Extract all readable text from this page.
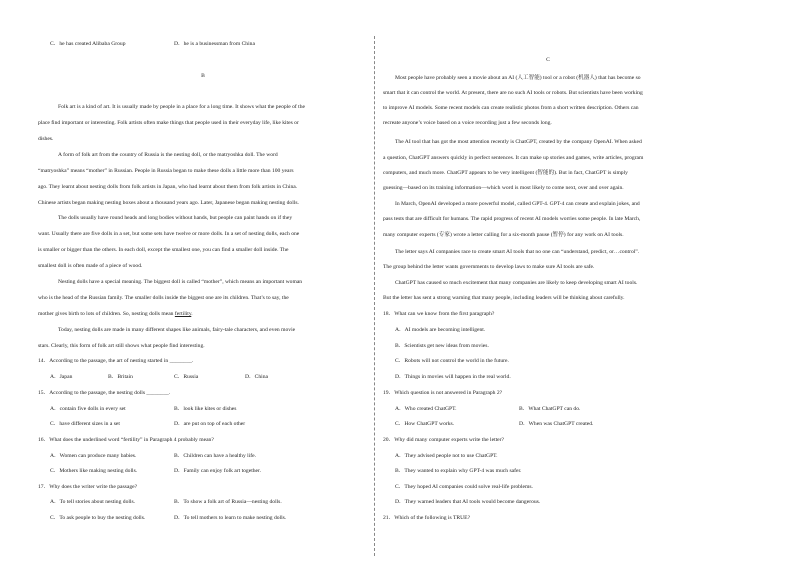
C．he has created Alibaba Group	D．he is a businessman from China
B
Folk art is a kind of art. It is usually made by people in a place for a long time. It shows what the people of the
place find important or interesting. Folk artists often make things that people used in their everyday life, like kites or
dishes.
A form of folk art from the country of Russia is the nesting doll, or the matryoshka doll. The word
“matryoshka” means “mother” in Russian. People in Russia began to make these dolls a little more than 100 years
ago. They learnt about nesting dolls from folk artists in Japan, who had learnt about them from folk artists in China.
Chinese artists began making nesting boxes about a thousand years ago. Later, Japanese began making nesting dolls.
The dolls usually have round heads and long bodies without hands, but people can paint hands on if they
want. Usually there are five dolls in a set, but some sets have twelve or more dolls. In a set of nesting dolls, each one
is smaller or bigger than the others. In each doll, except the smallest one, you can find a smaller doll inside. The
smallest doll is often made of a piece of wood.
Nesting dolls have a special meaning. The biggest doll is called “mother”, which means an important woman
who is the head of the Russian family. The smaller dolls inside the biggest one are its children. That’s to say, the
mother gives birth to lots of children. So, nesting dolls mean fertility.
Today, nesting dolls are made in many different shapes like animals, fairy-tale characters, and even movie
stars. Clearly, this form of folk art still shows what people find interesting.
14．According to the passage, the art of nesting started in ________.
A．Japan	B．Britain	C．Russia	D．China
15．According to the passage, the nesting dolls ________.
A．contain five dolls in every set	B．look like kites or dishes
C．have different sizes in a set	D．are put on top of each other
16．What does the underlined word “fertility” in Paragraph 4 probably mean?
A．Women can produce many babies.	B．Children can have a healthy life.
C．Mothers like making nesting dolls.	D．Family can enjoy folk art together.
17．Why does the writer write the passage?
A．To tell stories about nesting dolls.	B．To show a folk art of Russia—nesting dolls.
C．To ask people to buy the nesting dolls.	D．To tell mothers to learn to make nesting dolls.
C
Most people have probably seen a movie about an AI (人工智能) tool or a robot (机器人) that has become so
smart that it can control the world. At present, there are no such AI tools or robots. But scientists have been working
to improve AI models. Some recent models can create realistic photos from a short written description. Others can
recreate anyone’s voice based on a voice recording just a few seconds long.
The AI tool that has got the most attention recently is ChatGPT, created by the company OpenAI. When asked
a question, ChatGPT answers quickly in perfect sentences. It can make up stories and games, write articles, program
computers, and much more. ChatGPT appears to be very intelligent (智能的). But in fact, ChatGPT is simply
guessing—based on its training information—which word is most likely to come next, over and over again.
In March, OpenAI developed a more powerful model, called GPT-4. GPT-4 can create and explain jokes, and
pass tests that are difficult for humans. The rapid progress of recent AI models worries some people. In late March,
many computer experts (专家) wrote a letter calling for a six-month pause (暂停) for any work on AI tools.
The letter says AI companies race to create smart AI tools that no one can “understand, predict, or…control”.
The group behind the letter wants governments to develop laws to make sure AI tools are safe.
ChatGPT has caused so much excitement that many companies are likely to keep developing smart AI tools.
But the letter has sent a strong warning that many people, including leaders will be thinking about carefully.
18．What can we know from the first paragraph?
A．AI models are becoming intelligent.
B．Scientists get new ideas from movies.
C．Robots will not control the world in the future.
D．Things in movies will happen in the real world.
19．Which question is not answered in Paragraph 2?
A．Who created ChatGPT.	B．What ChatGPT can do.
C．How ChatGPT works.	D．When was ChatGPT created.
20．Why did many computer experts write the letter?
A．They advised people not to use ChatGPT.
B．They wanted to explain why GPT-4 was much safer.
C．They hoped AI companies could solve real-life problems.
D．They warned leaders that AI tools would become dangerous.
21．Which of the following is TRUE?
